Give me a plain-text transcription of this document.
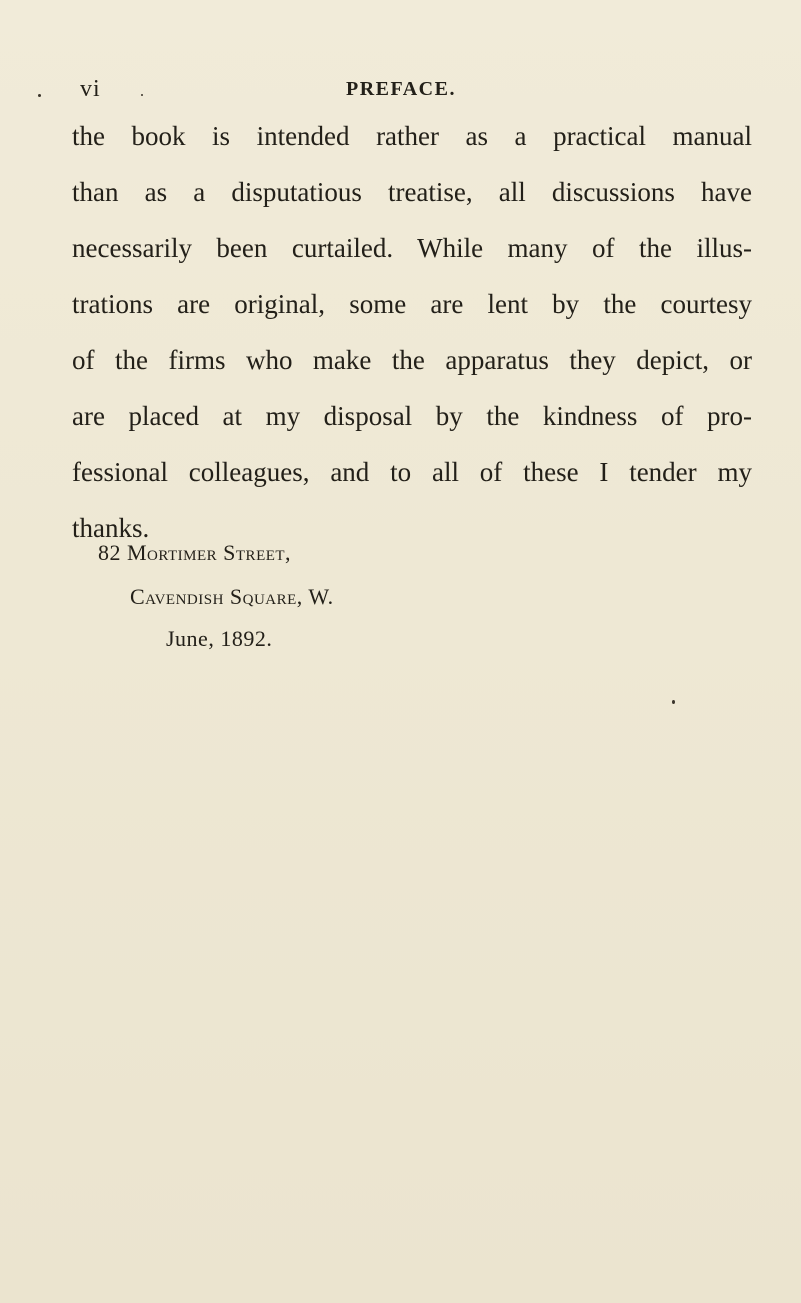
vi	PREFACE.
the book is intended rather as a practical manual
than as a disputatious treatise, all discussions have
necessarily been curtailed. While many of the illus-
trations are original, some are lent by the courtesy
of the firms who make the apparatus they depict, or
are placed at my disposal by the kindness of pro-
fessional colleagues, and to all of these I tender my
thanks.
82 Mortimer Street,
Cavendish Square, W.
June, 1892.
